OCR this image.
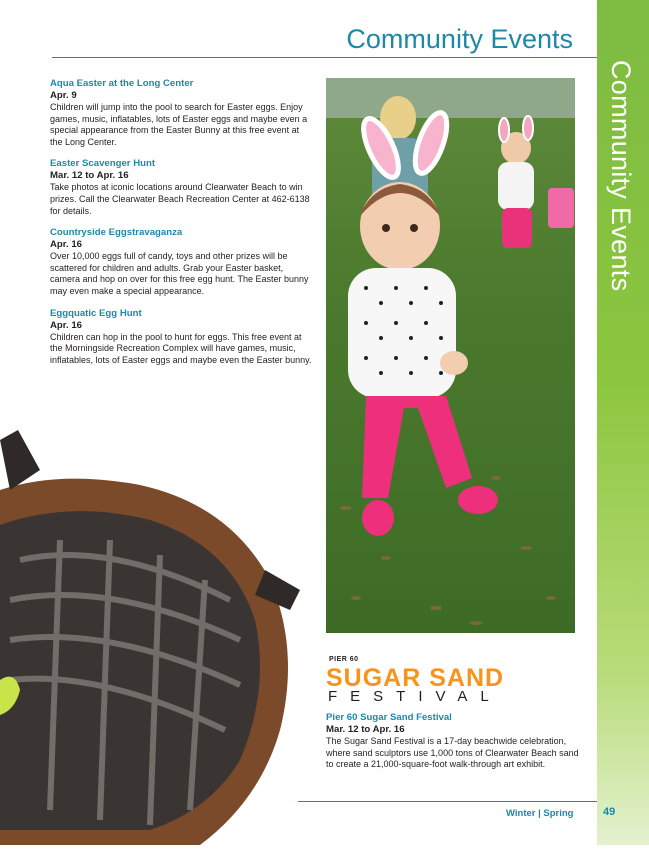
Community Events
Community Events
Aqua Easter at the Long Center
Apr. 9
Children will jump into the pool to search for Easter eggs. Enjoy games, music, inflatables, lots of Easter eggs and maybe even a special appearance from the Easter Bunny at this free event at the Long Center.
Easter Scavenger Hunt
Mar. 12 to Apr. 16
Take photos at iconic locations around Clearwater Beach to win prizes. Call the Clearwater Beach Recreation Center at 462-6138 for details.
Countryside Eggstravaganza
Apr. 16
Over 10,000 eggs full of candy, toys and other prizes will be scattered for children and adults. Grab your Easter basket, camera and hop on over for this free egg hunt. The Easter bunny may even make a special appearance.
Eggquatic Egg Hunt
Apr. 16
Children can hop in the pool to hunt for eggs. This free event at the Morningside Recreation Complex will have games, music, inflatables, lots of Easter eggs and maybe even the Easter bunny.
PIER 60
SUGAR SAND
FESTIVAL
Pier 60 Sugar Sand Festival
Mar. 12 to Apr. 16
The Sugar Sand Festival is a 17-day beachwide celebration, where sand sculptors use 1,000 tons of Clearwater Beach sand to create a 21,000-square-foot walk-through art exhibit.
Winter | Spring	49
